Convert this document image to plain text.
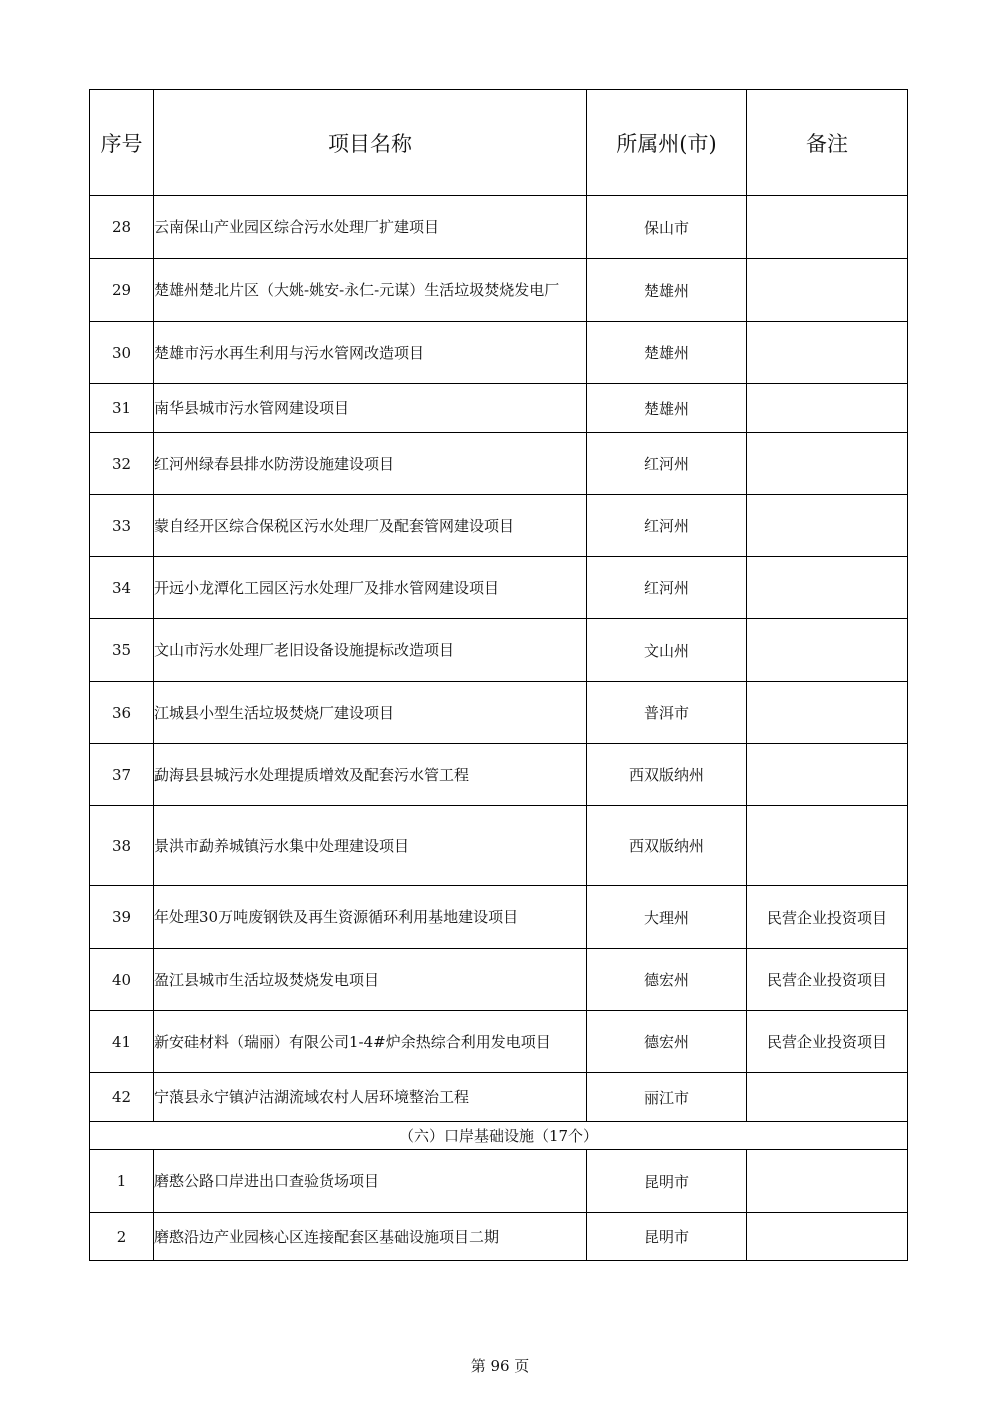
序号	项目名称	所属州(市)	备注
28	云南保山产业园区综合污水处理厂扩建项目	保山市	
29	楚雄州楚北片区（大姚-姚安-永仁-元谋）生活垃圾焚烧发电厂	楚雄州	
30	楚雄市污水再生利用与污水管网改造项目	楚雄州	
31	南华县城市污水管网建设项目	楚雄州	
32	红河州绿春县排水防涝设施建设项目	红河州	
33	蒙自经开区综合保税区污水处理厂及配套管网建设项目	红河州	
34	开远小龙潭化工园区污水处理厂及排水管网建设项目	红河州	
35	文山市污水处理厂老旧设备设施提标改造项目	文山州	
36	江城县小型生活垃圾焚烧厂建设项目	普洱市	
37	勐海县县城污水处理提质增效及配套污水管工程	西双版纳州	
38	景洪市勐养城镇污水集中处理建设项目	西双版纳州	
39	年处理30万吨废钢铁及再生资源循环利用基地建设项目	大理州	民营企业投资项目
40	盈江县城市生活垃圾焚烧发电项目	德宏州	民营企业投资项目
41	新安硅材料（瑞丽）有限公司1-4#炉余热综合利用发电项目	德宏州	民营企业投资项目
42	宁蒗县永宁镇泸沽湖流域农村人居环境整治工程	丽江市	
（六）口岸基础设施（17个）			
1	磨憨公路口岸进出口查验货场项目	昆明市	
2	磨憨沿边产业园核心区连接配套区基础设施项目二期	昆明市	
第 96 页
